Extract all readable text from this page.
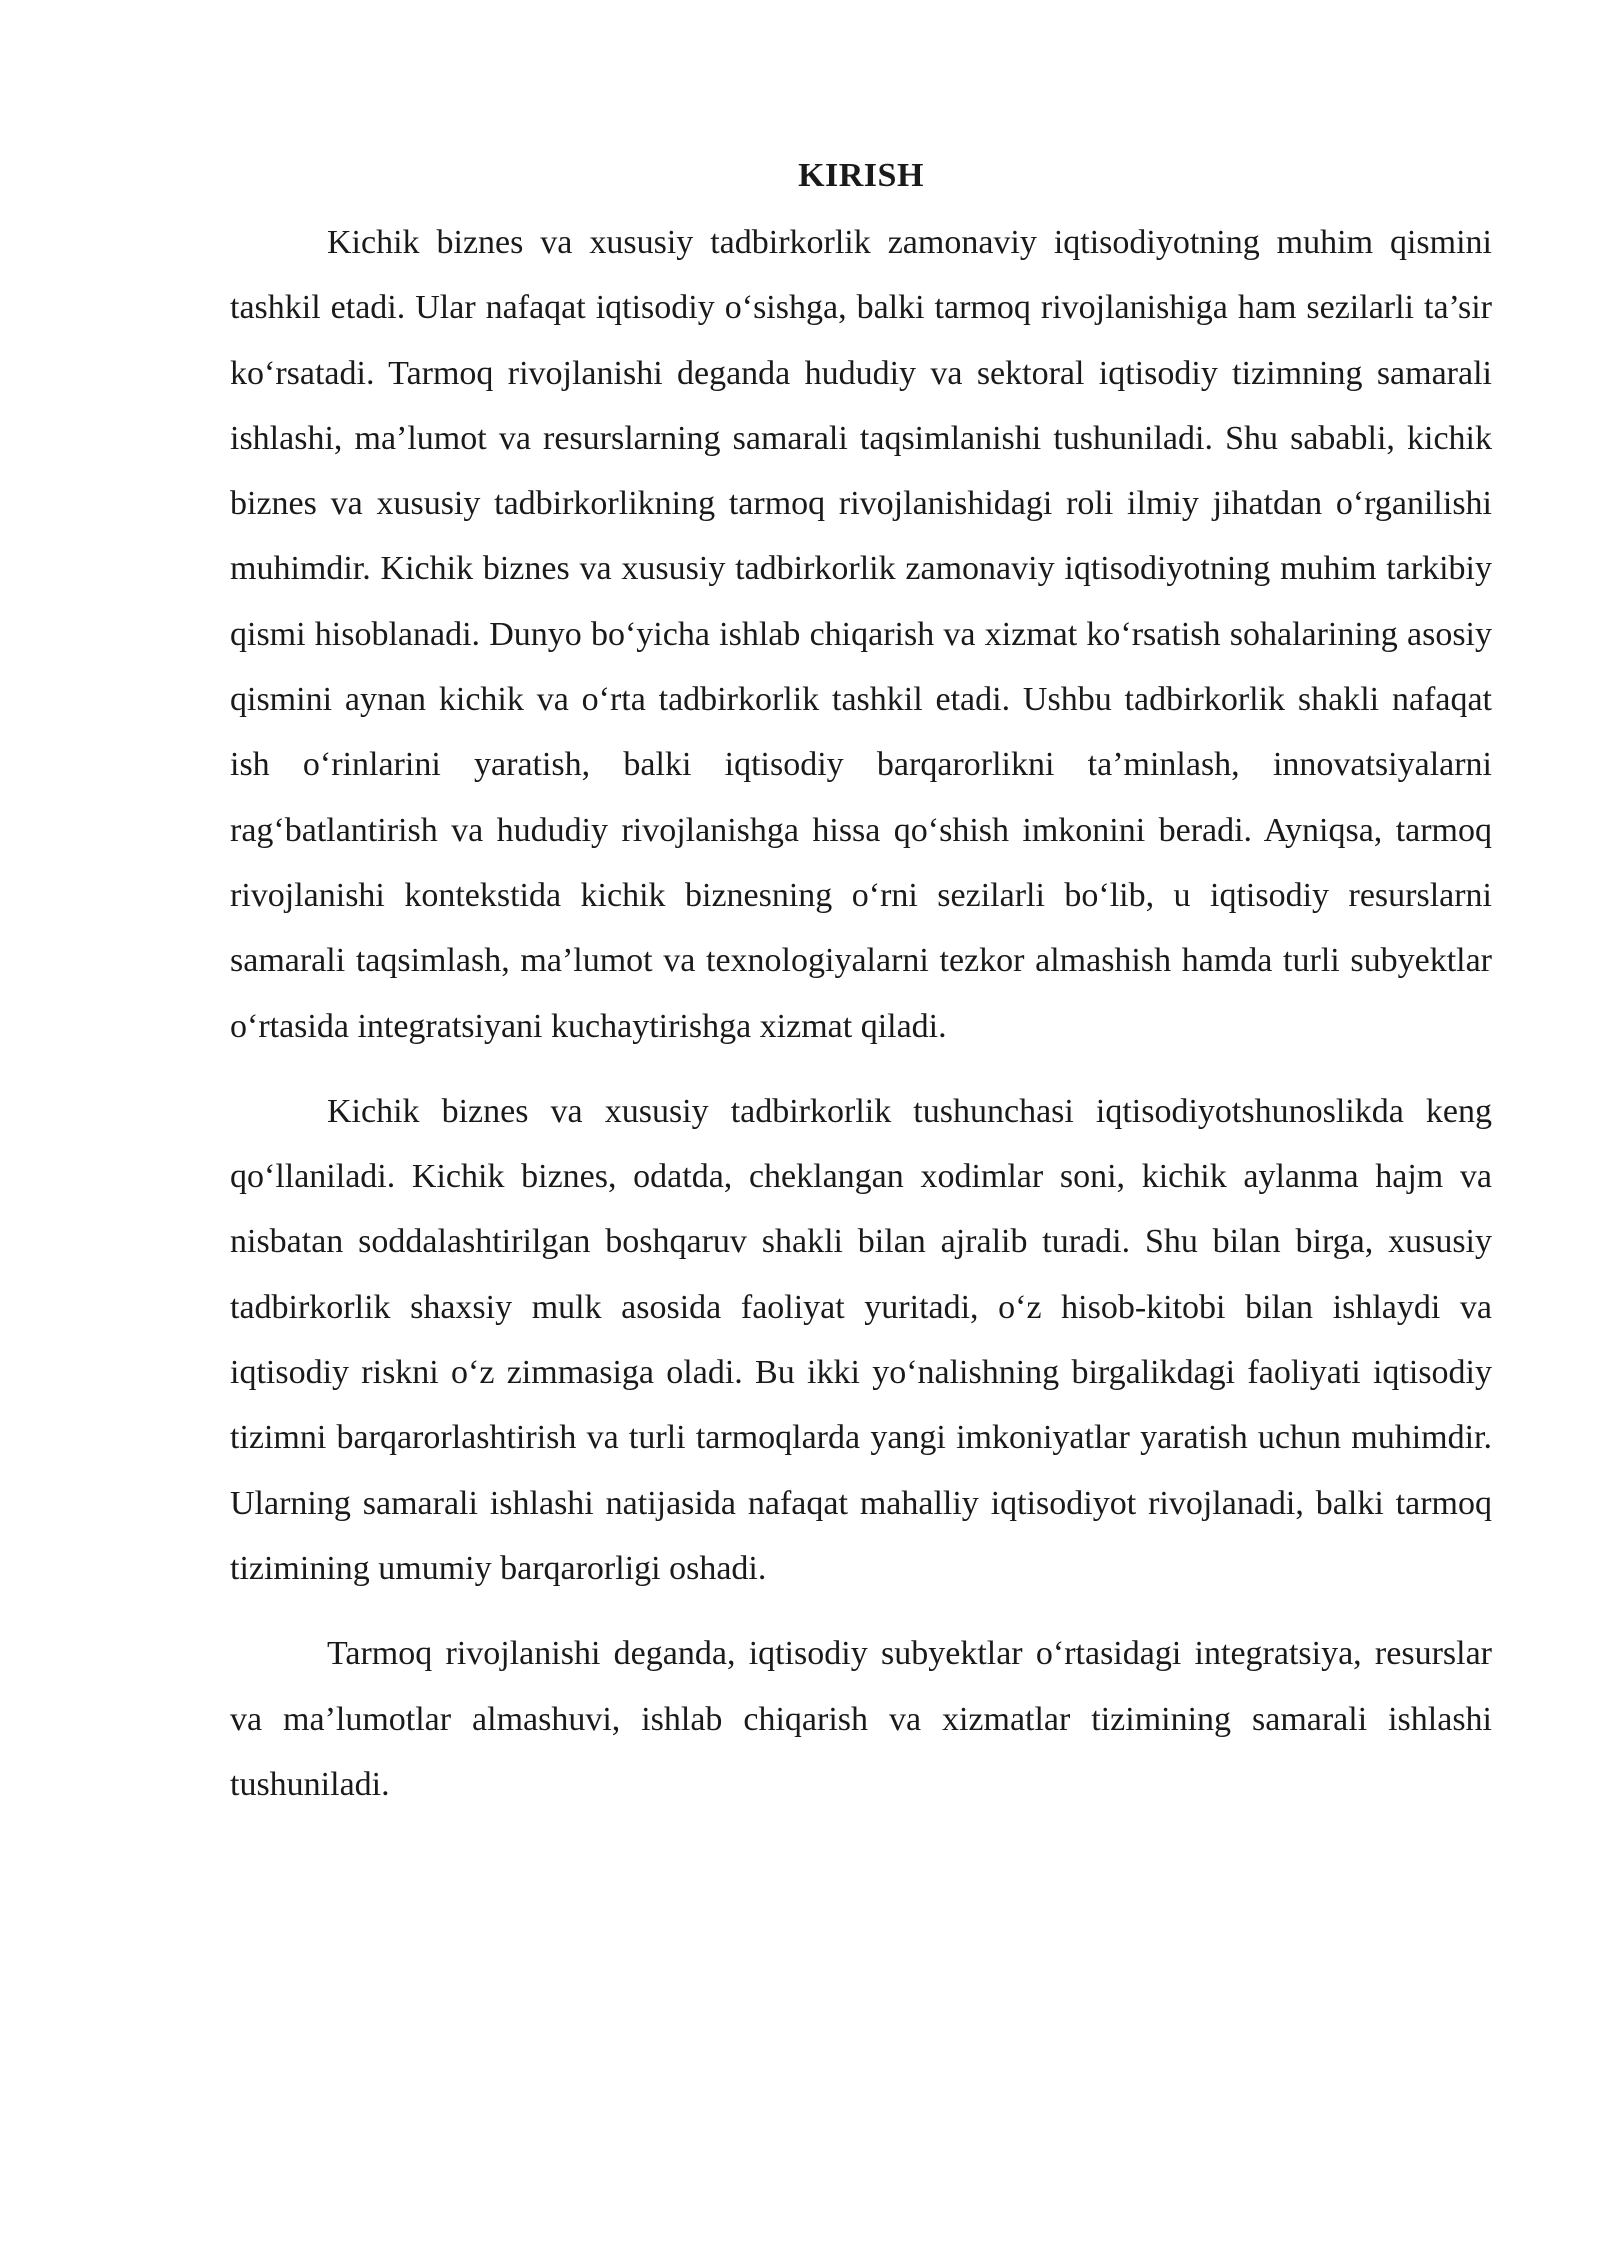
KIRISH

Kichik biznes va xususiy tadbirkorlik zamonaviy iqtisodiyotning muhim qismini tashkil etadi. Ular nafaqat iqtisodiy o‘sishga, balki tarmoq rivojlanishiga ham sezilarli ta’sir ko‘rsatadi. Tarmoq rivojlanishi deganda hududiy va sektoral iqtisodiy tizimning samarali ishlashi, ma’lumot va resurslarning samarali taqsimlanishi tushuniladi. Shu sababli, kichik biznes va xususiy tadbirkorlikning tarmoq rivojlanishidagi roli ilmiy jihatdan o‘rganilishi muhimdir. Kichik biznes va xususiy tadbirkorlik zamonaviy iqtisodiyotning muhim tarkibiy qismi hisoblanadi. Dunyo bo‘yicha ishlab chiqarish va xizmat ko‘rsatish sohalarining asosiy qismini aynan kichik va o‘rta tadbirkorlik tashkil etadi. Ushbu tadbirkorlik shakli nafaqat ish o‘rinlarini yaratish, balki iqtisodiy barqarorlikni ta’minlash, innovatsiyalarni rag‘batlantirish va hududiy rivojlanishga hissa qo‘shish imkonini beradi. Ayniqsa, tarmoq rivojlanishi kontekstida kichik biznesning o‘rni sezilarli bo‘lib, u iqtisodiy resurslarni samarali taqsimlash, ma’lumot va texnologiyalarni tezkor almashish hamda turli subyektlar o‘rtasida integratsiyani kuchaytirishga xizmat qiladi.

Kichik biznes va xususiy tadbirkorlik tushunchasi iqtisodiyotshunoslikda keng qo‘llaniladi. Kichik biznes, odatda, cheklangan xodimlar soni, kichik aylanma hajm va nisbatan soddalashtirilgan boshqaruv shakli bilan ajralib turadi. Shu bilan birga, xususiy tadbirkorlik shaxsiy mulk asosida faoliyat yuritadi, o‘z hisob-kitobi bilan ishlaydi va iqtisodiy riskni o‘z zimmasiga oladi. Bu ikki yo‘nalishning birgalikdagi faoliyati iqtisodiy tizimni barqarorlashtirish va turli tarmoqlarda yangi imkoniyatlar yaratish uchun muhimdir. Ularning samarali ishlashi natijasida nafaqat mahalliy iqtisodiyot rivojlanadi, balki tarmoq tizimining umumiy barqarorligi oshadi.

Tarmoq rivojlanishi deganda, iqtisodiy subyektlar o‘rtasidagi integratsiya, resurslar va ma’lumotlar almashuvi, ishlab chiqarish va xizmatlar tizimining samarali ishlashi tushuniladi.
